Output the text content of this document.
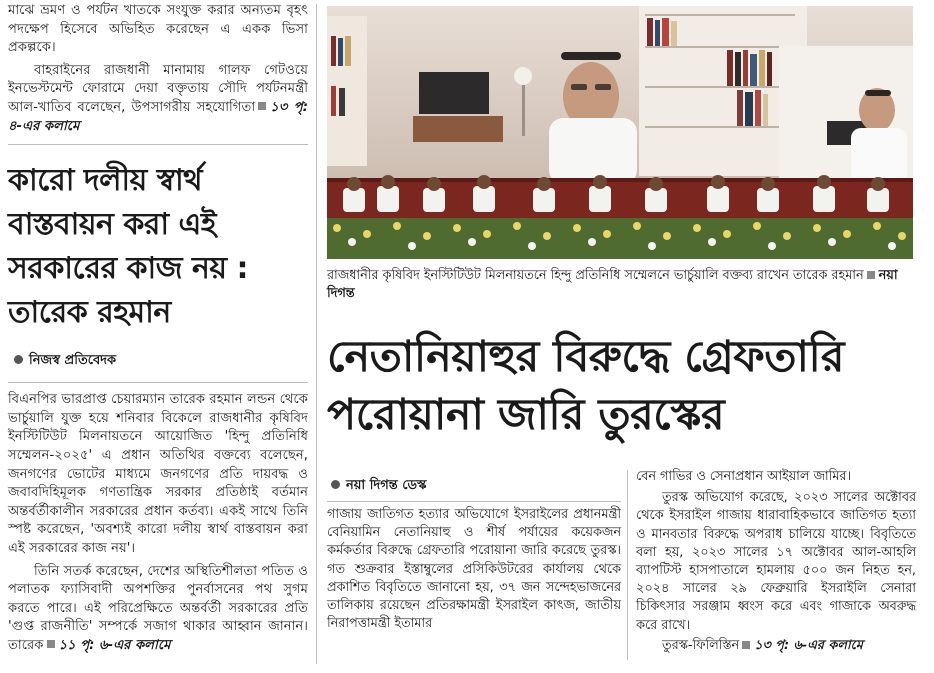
মাঝে ভ্রমণ ও পর্যটন খাতকে সংযুক্ত করার অন্যতম বৃহৎ পদক্ষেপ হিসেবে অভিহিত করেছেন এ একক ভিসা প্রকল্পকে।

বাহরাইনের রাজধানী মানামায় গালফ গেটওয়ে ইনভেস্টমেন্ট ফোরামে দেয়া বক্তৃতায় সৌদি পর্যটনমন্ত্রী আল-খাতিব বলেছেন, উপসাগরীয় সহযোগিতা ১৩ পৃ: ৪-এর কলামে

কারো দলীয় স্বার্থ বাস্তবায়ন করা এই সরকারের কাজ নয় : তারেক রহমান
নিজস্ব প্রতিবেদক

বিএনপির ভারপ্রাপ্ত চেয়ারম্যান তারেক রহমান লন্ডন থেকে ভার্চুয়ালি যুক্ত হয়ে শনিবার বিকেলে রাজধানীর কৃষিবিদ ইনস্টিটিউট মিলনায়তনে আয়োজিত 'হিন্দু প্রতিনিধি সম্মেলন-২০২৫' এ প্রধান অতিথির বক্তব্যে বলেছেন, জনগণের ভোটের মাধ্যমে জনগণের প্রতি দায়বদ্ধ ও জবাবদিহিমূলক গণতান্ত্রিক সরকার প্রতিষ্ঠাই বর্তমান অন্তর্বর্তীকালীন সরকারের প্রধান কর্তব্য। একই সাথে তিনি স্পষ্ট করেছেন, 'অবশ্যই কারো দলীয় স্বার্থ বাস্তবায়ন করা এই সরকারের কাজ নয়'।

তিনি সতর্ক করেছেন, দেশের অস্থিতিশীলতা পতিত ও পলাতক ফ্যাসিবাদী অপশক্তির পুনর্বাসনের পথ সুগম করতে পারে। এই পরিপ্রেক্ষিতে অন্তর্বর্তী সরকারের প্রতি 'গুপ্ত রাজনীতি' সম্পর্কে সজাগ থাকার আহ্বান জানান। তারেক ১১ পৃ: ৬-এর কলামে

রাজধানীর কৃষিবিদ ইনস্টিটিউট মিলনায়তনে হিন্দু প্রতিনিধি সম্মেলনে ভার্চুয়ালি বক্তব্য রাখেন তারেক রহমান নয়া দিগন্ত

নেতানিয়াহুর বিরুদ্ধে গ্রেফতারি পরোয়ানা জারি তুরস্কের
নয়া দিগন্ত ডেস্ক

গাজায় জাতিগত হত্যার অভিযোগে ইসরাইলের প্রধানমন্ত্রী বেনিয়ামিন নেতানিয়াহু ও শীর্ষ পর্যায়ের কয়েকজন কর্মকর্তার বিরুদ্ধে গ্রেফতারি পরোয়ানা জারি করেছে তুরস্ক। গত শুক্রবার ইস্তাম্বুলের প্রসিকিউটরের কার্যালয় থেকে প্রকাশিত বিবৃতিতে জানানো হয়, ৩৭ জন সন্দেহভাজনের তালিকায় রয়েছেন প্রতিরক্ষামন্ত্রী ইসরাইল কাৎজ, জাতীয় নিরাপত্তামন্ত্রী ইতামার

বেন গাভির ও সেনাপ্রধান আইয়াল জামির।

তুরস্ক অভিযোগ করেছে, ২০২৩ সালের অক্টোবর থেকে ইসরাইল গাজায় ধারাবাহিকভাবে জাতিগত হত্যা ও মানবতার বিরুদ্ধে অপরাধ চালিয়ে যাচ্ছে। বিবৃতিতে বলা হয়, ২০২৩ সালের ১৭ অক্টোবর আল-আহলি ব্যাপটিস্ট হাসপাতালে হামলায় ৫০০ জন নিহত হন, ২০২৪ সালের ২৯ ফেব্রুয়ারি ইসরাইলি সেনারা চিকিৎসার সরঞ্জাম ধ্বংস করে এবং গাজাকে অবরুদ্ধ করে রাখে।

তুরস্ক-ফিলিস্তিন ১৩ পৃ: ৬-এর কলামে
